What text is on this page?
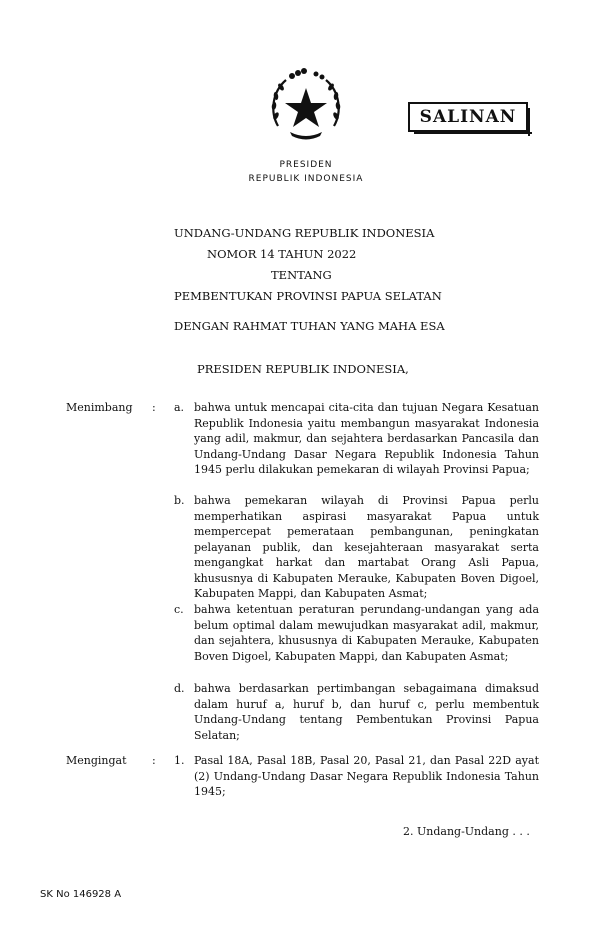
SALINAN
PRESIDEN
REPUBLIK INDONESIA
UNDANG-UNDANG REPUBLIK INDONESIA
NOMOR 14 TAHUN 2022
TENTANG
PEMBENTUKAN PROVINSI PAPUA SELATAN
DENGAN RAHMAT TUHAN YANG MAHA ESA
PRESIDEN REPUBLIK INDONESIA,
Menimbang : a. bahwa untuk mencapai cita-cita dan tujuan Negara Kesatuan Republik Indonesia yaitu membangun masyarakat Indonesia yang adil, makmur, dan sejahtera berdasarkan Pancasila dan Undang-Undang Dasar Negara Republik Indonesia Tahun 1945 perlu dilakukan pemekaran di wilayah Provinsi Papua;
b. bahwa pemekaran wilayah di Provinsi Papua perlu memperhatikan aspirasi masyarakat Papua untuk mempercepat pemerataan pembangunan, peningkatan pelayanan publik, dan kesejahteraan masyarakat serta mengangkat harkat dan martabat Orang Asli Papua, khususnya di Kabupaten Merauke, Kabupaten Boven Digoel, Kabupaten Mappi, dan Kabupaten Asmat;
c. bahwa ketentuan peraturan perundang-undangan yang ada belum optimal dalam mewujudkan masyarakat adil, makmur, dan sejahtera, khususnya di Kabupaten Merauke, Kabupaten Boven Digoel, Kabupaten Mappi, dan Kabupaten Asmat;
d. bahwa berdasarkan pertimbangan sebagaimana dimaksud dalam huruf a, huruf b, dan huruf c, perlu membentuk Undang-Undang tentang Pembentukan Provinsi Papua Selatan;
Mengingat : 1. Pasal 18A, Pasal 18B, Pasal 20, Pasal 21, dan Pasal 22D ayat (2) Undang-Undang Dasar Negara Republik Indonesia Tahun 1945;
2. Undang-Undang . . .
SK No 146928 A
